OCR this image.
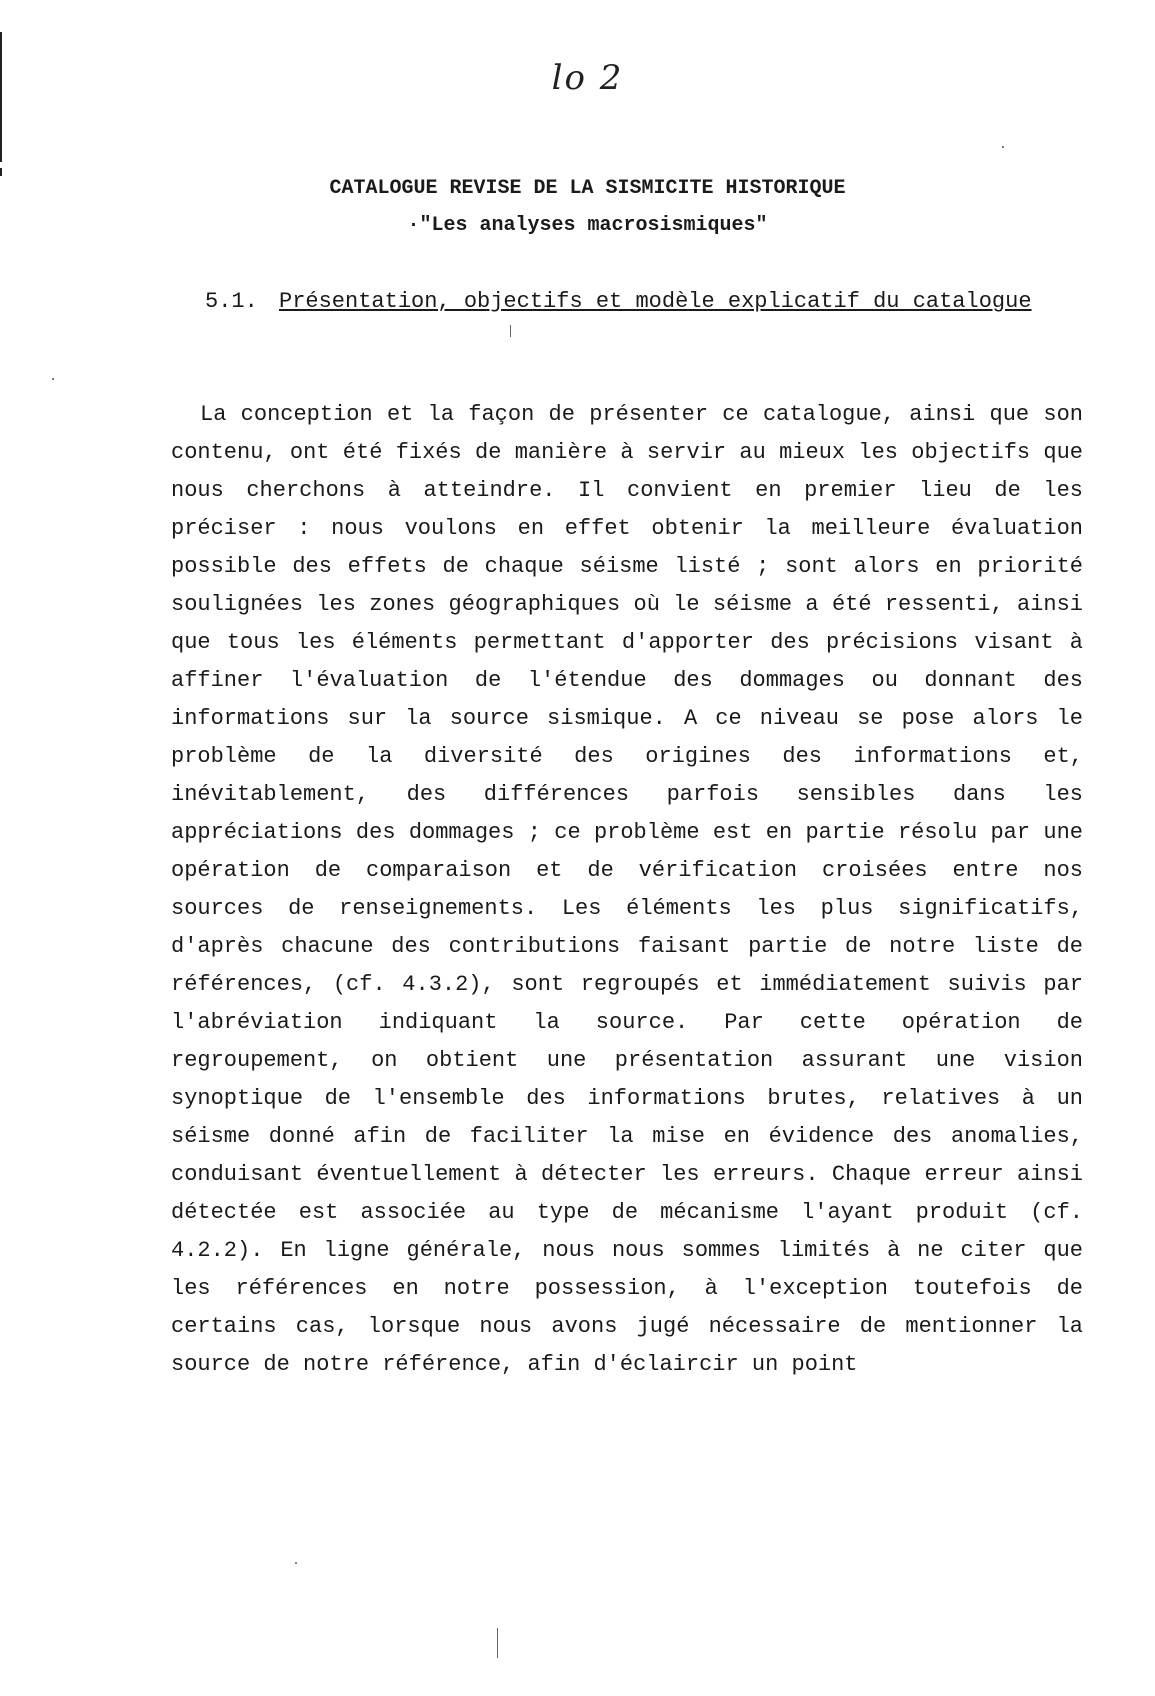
lo 2
CATALOGUE REVISE DE LA SISMICITE HISTORIQUE
·"Les analyses macrosismiques"
5.1. Présentation, objectifs et modèle explicatif du catalogue

La conception et la façon de présenter ce catalogue, ainsi que son contenu, ont été fixés de manière à servir au mieux les objectifs que nous cherchons à atteindre. Il convient en premier lieu de les préciser : nous voulons en effet obtenir la meilleure évaluation possible des effets de chaque séisme listé ; sont alors en priorité soulignées les zones géographiques où le séisme a été ressenti, ainsi que tous les éléments permettant d'apporter des précisions visant à affiner l'évaluation de l'étendue des dommages ou donnant des informations sur la source sismique. A ce niveau se pose alors le problème de la diversité des origines des informations et, inévitablement, des différences parfois sensibles dans les appréciations des dommages ; ce problème est en partie résolu par une opération de comparaison et de vérification croisées entre nos sources de renseignements. Les éléments les plus significatifs, d'après chacune des contributions faisant partie de notre liste de références, (cf. 4.3.2), sont regroupés et immédiatement suivis par l'abréviation indiquant la source. Par cette opération de regroupement, on obtient une présentation assurant une vision synoptique de l'ensemble des informations brutes, relatives à un séisme donné afin de faciliter la mise en évidence des anomalies, conduisant éventuellement à détecter les erreurs. Chaque erreur ainsi détectée est associée au type de mécanisme l'ayant produit (cf. 4.2.2). En ligne générale, nous nous sommes limités à ne citer que les références en notre possession, à l'exception toutefois de certains cas, lorsque nous avons jugé nécessaire de mentionner la source de notre référence, afin d'éclaircir un point
